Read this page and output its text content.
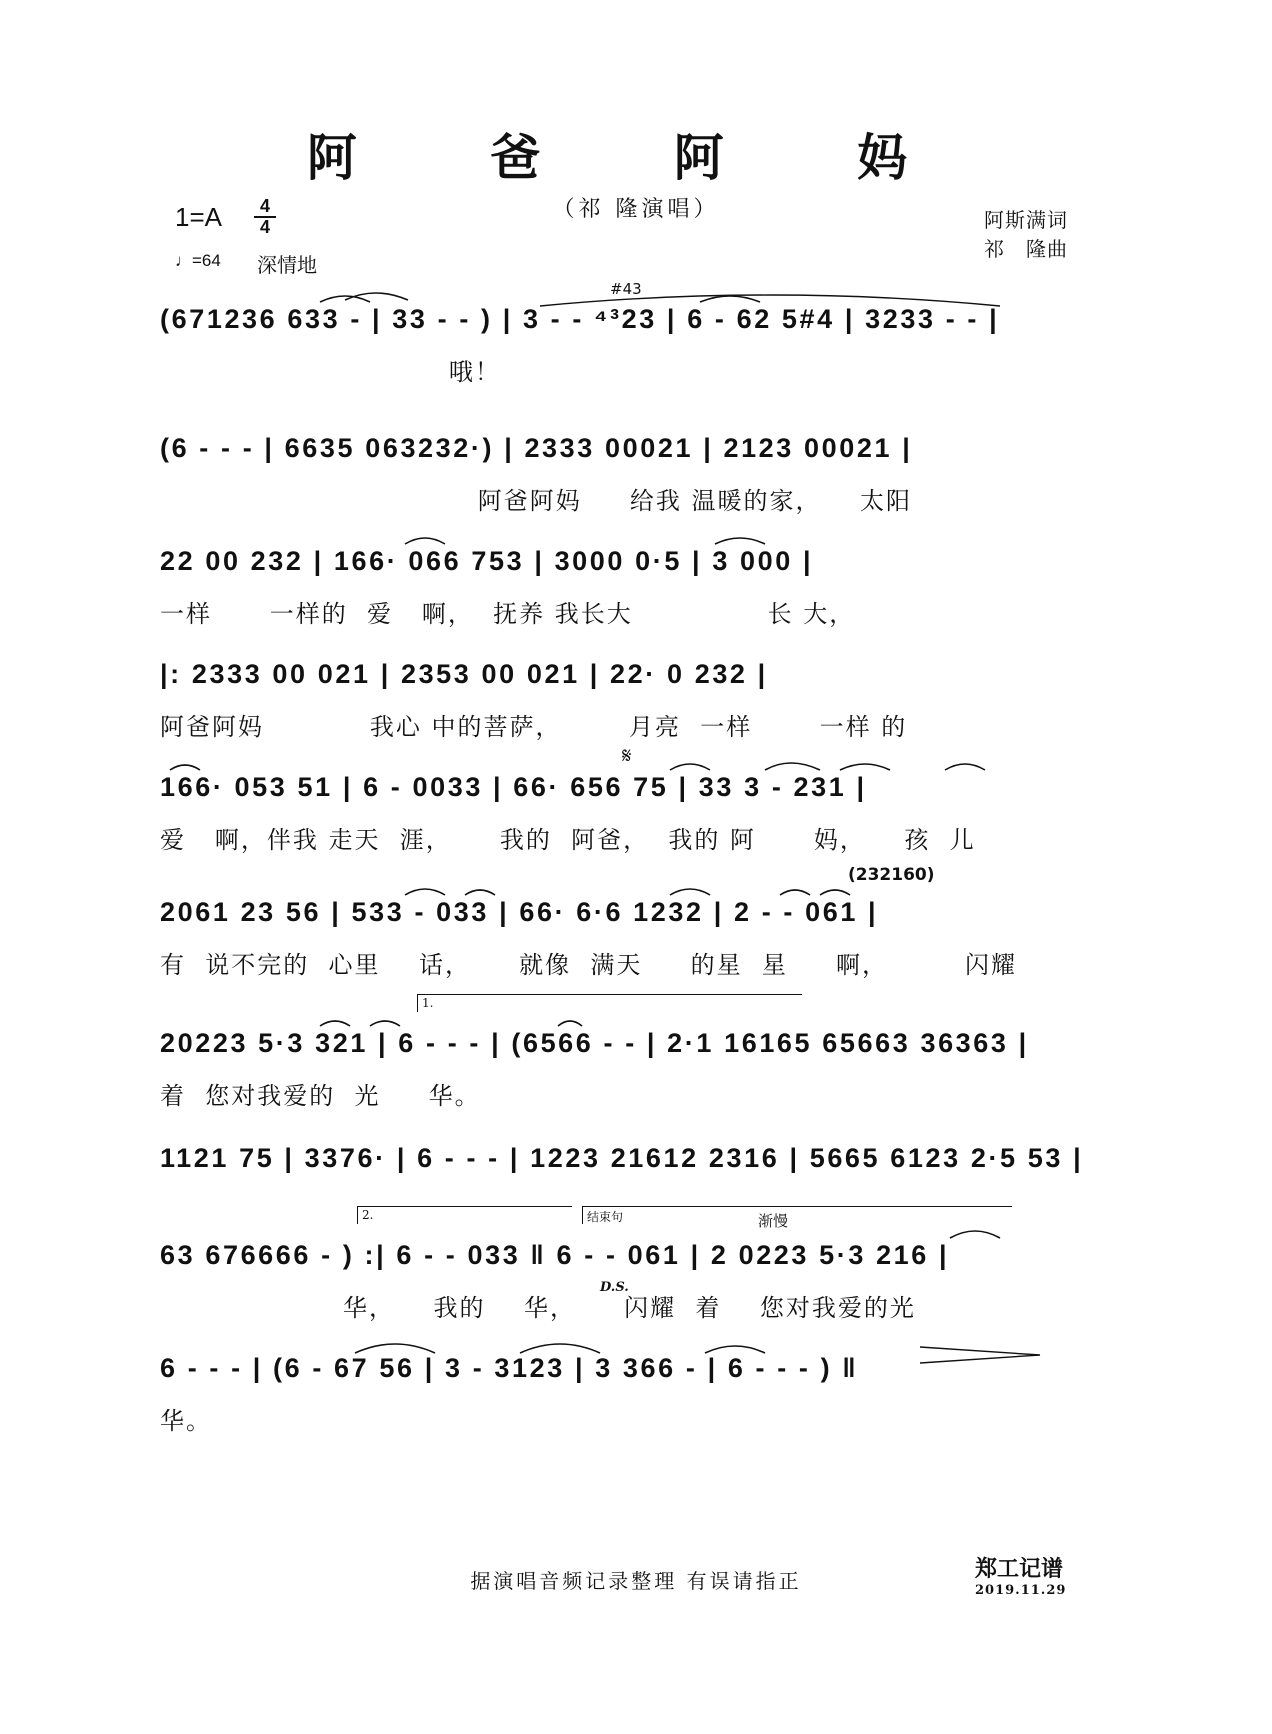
阿 爸 阿 妈
（祁 隆演唱）
1=A	4
4
♩=64 深情地
阿斯满词
祁　隆曲
(671236 633 - | 33 - - ) | 3 - - ⁴³23 | 6 - 62 5#4 | 3233 - - |
哦！
#43
(6 - - - | 6635 063232·) | 2333 00021 | 2123 00021 |
阿爸阿妈     给我 温暖的家，    太阳
22 00 232 | 166· 066 753 | 3000 0·5 | 3 000 |
一样      一样的  爱   啊，  抚养 我长大              长 大，
|: 2333 00 021 | 2353 00 021 | 22· 0 232 |
阿爸阿妈           我心 中的菩萨，       月亮  一样       一样 的
𝄋
166· 053 51 | 6 - 0033 | 66· 656 75 | 33 3 - 231 |
爱   啊，伴我 走天  涯，     我的  阿爸，  我的 阿      妈，    孩  儿
(232160)
2061 23 56 | 533 - 033 | 66· 6·6 1232 | 2 - - 061 |
有  说不完的  心里    话，     就像  满天     的星  星     啊，        闪耀
1.
20223 5·3 321 | 6 - - - | (6566 - - | 2·1 16165 65663 36363 |
着  您对我爱的  光     华。
1121 75 | 3376· | 6 - - - | 1223 21612 2316 | 5665 6123 2·5 53 |
2.	结束句	渐慢
63 676666 - ) :| 6 - - 033 ‖ 6 - - 061 | 2 0223 5·3 216 |
D.S.
华，    我的    华，     闪耀  着    您对我爱的光
6 - - - | (6 - 67 56 | 3 - 3123 | 3 366 - | 6 - - - ) ‖
华。
据演唱音频记录整理 有误请指正	郑工记谱
2019.11.29
